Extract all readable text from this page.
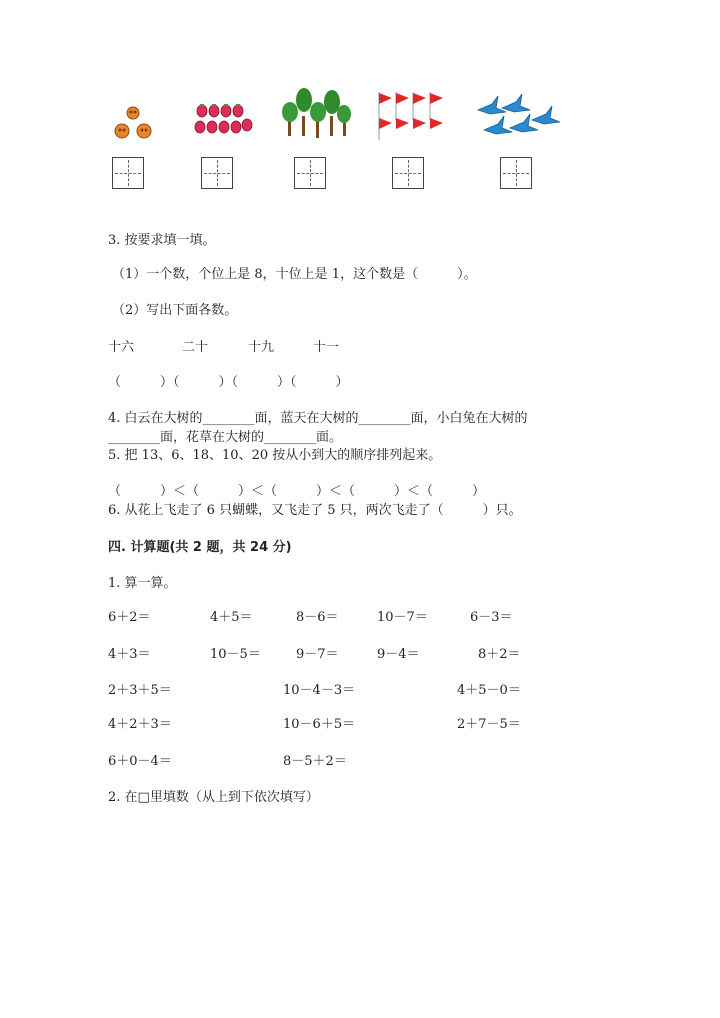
3. 按要求填一填。
（1）一个数，个位上是 8，十位上是 1，这个数是（　　　）。
（2）写出下面各数。
十六	二十	十九	十一
（　　　）（　　　）（　　　）（　　　）
4. 白云在大树的________面，蓝天在大树的________面，小白兔在大树的
________面，花草在大树的________面。
5. 把 13、6、18、10、20 按从小到大的顺序排列起来。
（　　　）＜（　　　）＜（　　　）＜（　　　）＜（　　　）
6. 从花上飞走了 6 只蝴蝶，又飞走了 5 只，两次飞走了（　　　）只。
四. 计算题(共 2 题，共 24 分)
1. 算一算。
6＋2＝	4＋5＝	8－6＝	10－7＝	6－3＝
4＋3＝	10－5＝	9－7＝	9－4＝	8＋2＝
2＋3＋5＝	10－4－3＝	4＋5－0＝
4＋2＋3＝	10－6＋5＝	2＋7－5＝
6＋0－4＝	8－5＋2＝
2. 在□里填数（从上到下依次填写）
